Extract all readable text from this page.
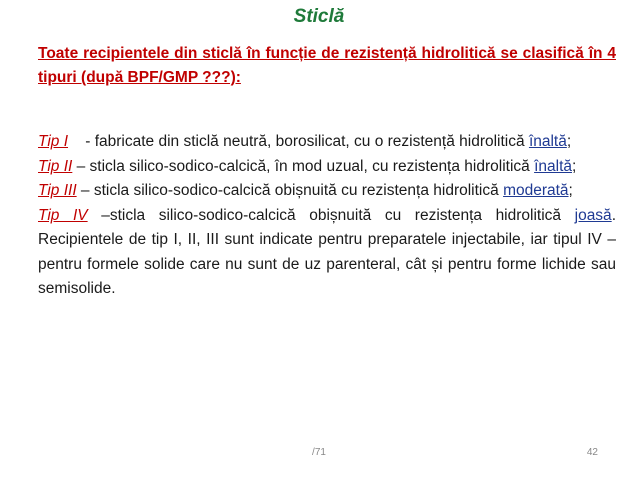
Sticlă
Toate recipientele din sticlă în funcție de rezistență hidrolitică se clasifică în 4 tipuri (după BPF/GMP ???):

Tip I    - fabricate din sticlă neutră, borosilicat, cu o rezistență hidrolitică înaltă;

Tip II – sticla silico-sodico-calcică, în mod uzual, cu rezistența hidrolitică înaltă;

Tip III – sticla silico-sodico-calcică obișnuită cu rezistența hidrolitică moderată;

Tip IV –sticla silico-sodico-calcică obișnuită cu rezistența hidrolitică joasă. Recipientele de tip I, II, III sunt indicate pentru preparatele injectabile, iar tipul IV – pentru formele solide care nu sunt de uz parenteral, cât și pentru forme lichide sau semisolide.

/71	42
